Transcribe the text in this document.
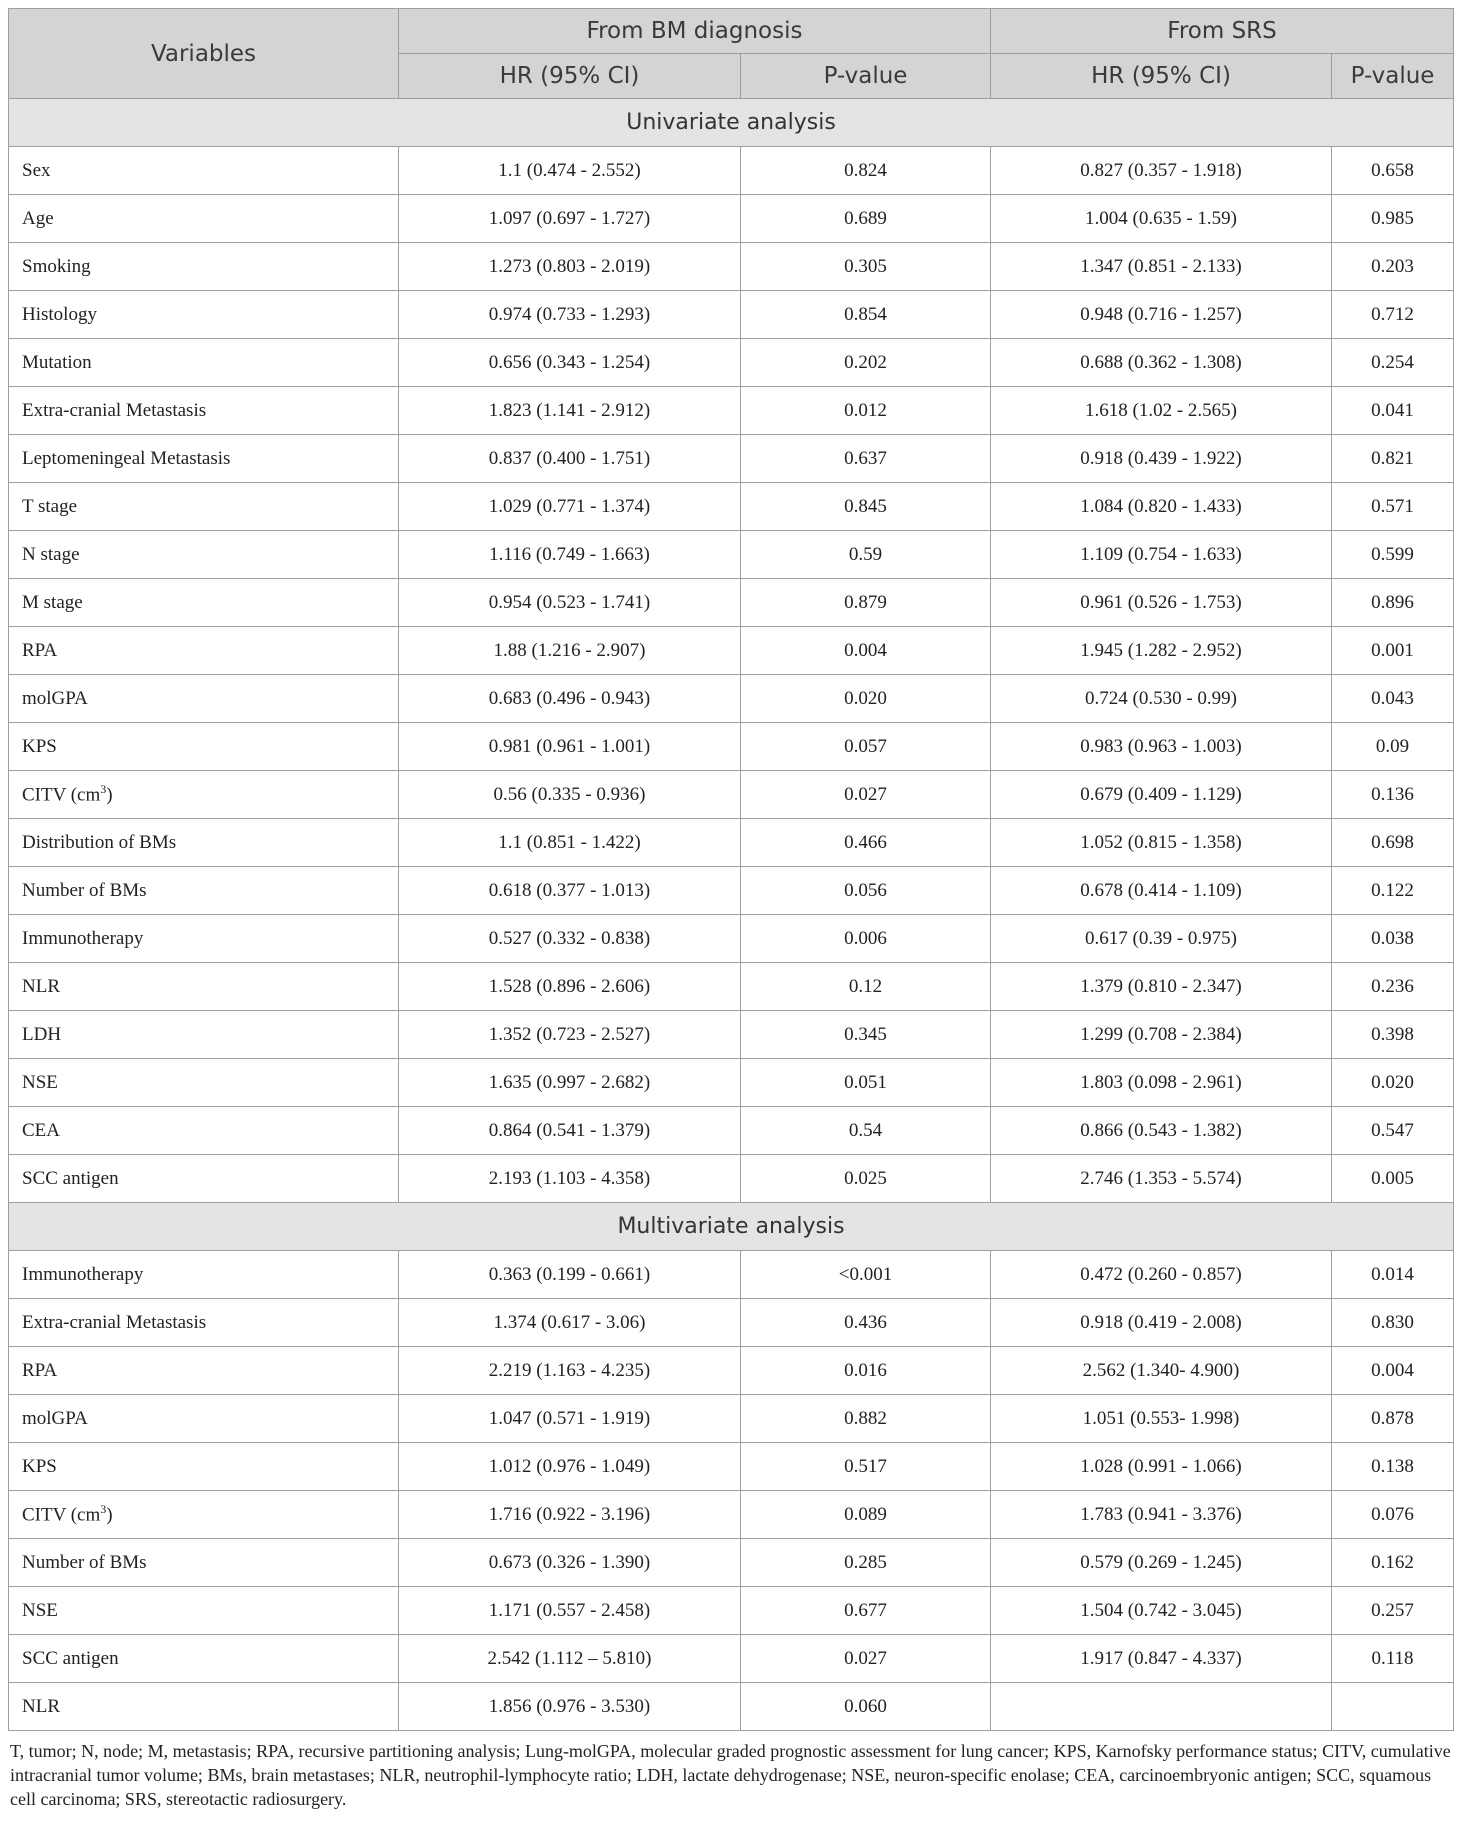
Variables	From BM diagnosis		From SRS	
	HR (95% CI)	P-value	HR (95% CI)	P-value
Univariate analysis				
Sex	1.1 (0.474 - 2.552)	0.824	0.827 (0.357 - 1.918)	0.658
Age	1.097 (0.697 - 1.727)	0.689	1.004 (0.635 - 1.59)	0.985
Smoking	1.273 (0.803 - 2.019)	0.305	1.347 (0.851 - 2.133)	0.203
Histology	0.974 (0.733 - 1.293)	0.854	0.948 (0.716 - 1.257)	0.712
Mutation	0.656 (0.343 - 1.254)	0.202	0.688 (0.362 - 1.308)	0.254
Extra-cranial Metastasis	1.823 (1.141 - 2.912)	0.012	1.618 (1.02 - 2.565)	0.041
Leptomeningeal Metastasis	0.837 (0.400 - 1.751)	0.637	0.918 (0.439 - 1.922)	0.821
T stage	1.029 (0.771 - 1.374)	0.845	1.084 (0.820 - 1.433)	0.571
N stage	1.116 (0.749 - 1.663)	0.59	1.109 (0.754 - 1.633)	0.599
M stage	0.954 (0.523 - 1.741)	0.879	0.961 (0.526 - 1.753)	0.896
RPA	1.88 (1.216 - 2.907)	0.004	1.945 (1.282 - 2.952)	0.001
molGPA	0.683 (0.496 - 0.943)	0.020	0.724 (0.530 - 0.99)	0.043
KPS	0.981 (0.961 - 1.001)	0.057	0.983 (0.963 - 1.003)	0.09
CITV $(cm^3)$	0.56 (0.335 - 0.936)	0.027	0.679 (0.409 - 1.129)	0.136
Distribution of BMs	1.1 (0.851 - 1.422)	0.466	1.052 (0.815 - 1.358)	0.698
Number of BMs	0.618 (0.377 - 1.013)	0.056	0.678 (0.414 - 1.109)	0.122
Immunotherapy	0.527 (0.332 - 0.838)	0.006	0.617 (0.39 - 0.975)	0.038
NLR	1.528 (0.896 - 2.606)	0.12	1.379 (0.810 - 2.347)	0.236
LDH	1.352 (0.723 - 2.527)	0.345	1.299 (0.708 - 2.384)	0.398
NSE	1.635 (0.997 - 2.682)	0.051	1.803 (0.098 - 2.961)	0.020
CEA	0.864 (0.541 - 1.379)	0.54	0.866 (0.543 - 1.382)	0.547
SCC antigen	2.193 (1.103 - 4.358)	0.025	2.746 (1.353 - 5.574)	0.005
Multivariate analysis				
Immunotherapy	0.363 (0.199 - 0.661)	<0.001	0.472 (0.260 - 0.857)	0.014
Extra-cranial Metastasis	1.374 (0.617 - 3.06)	0.436	0.918 (0.419 - 2.008)	0.830
RPA	2.219 (1.163 - 4.235)	0.016	2.562 (1.340- 4.900)	0.004
molGPA	1.047 (0.571 - 1.919)	0.882	1.051 (0.553- 1.998)	0.878
KPS	1.012 (0.976 - 1.049)	0.517	1.028 (0.991 - 1.066)	0.138
CITV $(cm^3)$	1.716 (0.922 - 3.196)	0.089	1.783 (0.941 - 3.376)	0.076
Number of BMs	0.673 (0.326 - 1.390)	0.285	0.579 (0.269 - 1.245)	0.162
NSE	1.171 (0.557 - 2.458)	0.677	1.504 (0.742 - 3.045)	0.257
SCC antigen	2.542 (1.112 – 5.810)	0.027	1.917 (0.847 - 4.337)	0.118
NLR	1.856 (0.976 - 3.530)	0.060		
T, tumor; N, node; M, metastasis; RPA, recursive partitioning analysis; Lung-molGPA, molecular graded prognostic assessment for lung cancer; KPS, Karnofsky performance status; CITV, cumulative intracranial tumor volume; BMs, brain metastases; NLR, neutrophil-lymphocyte ratio; LDH, lactate dehydrogenase; NSE, neuron-specific enolase; CEA, carcinoembryonic antigen; SCC, squamous cell carcinoma; SRS, stereotactic radiosurgery.
